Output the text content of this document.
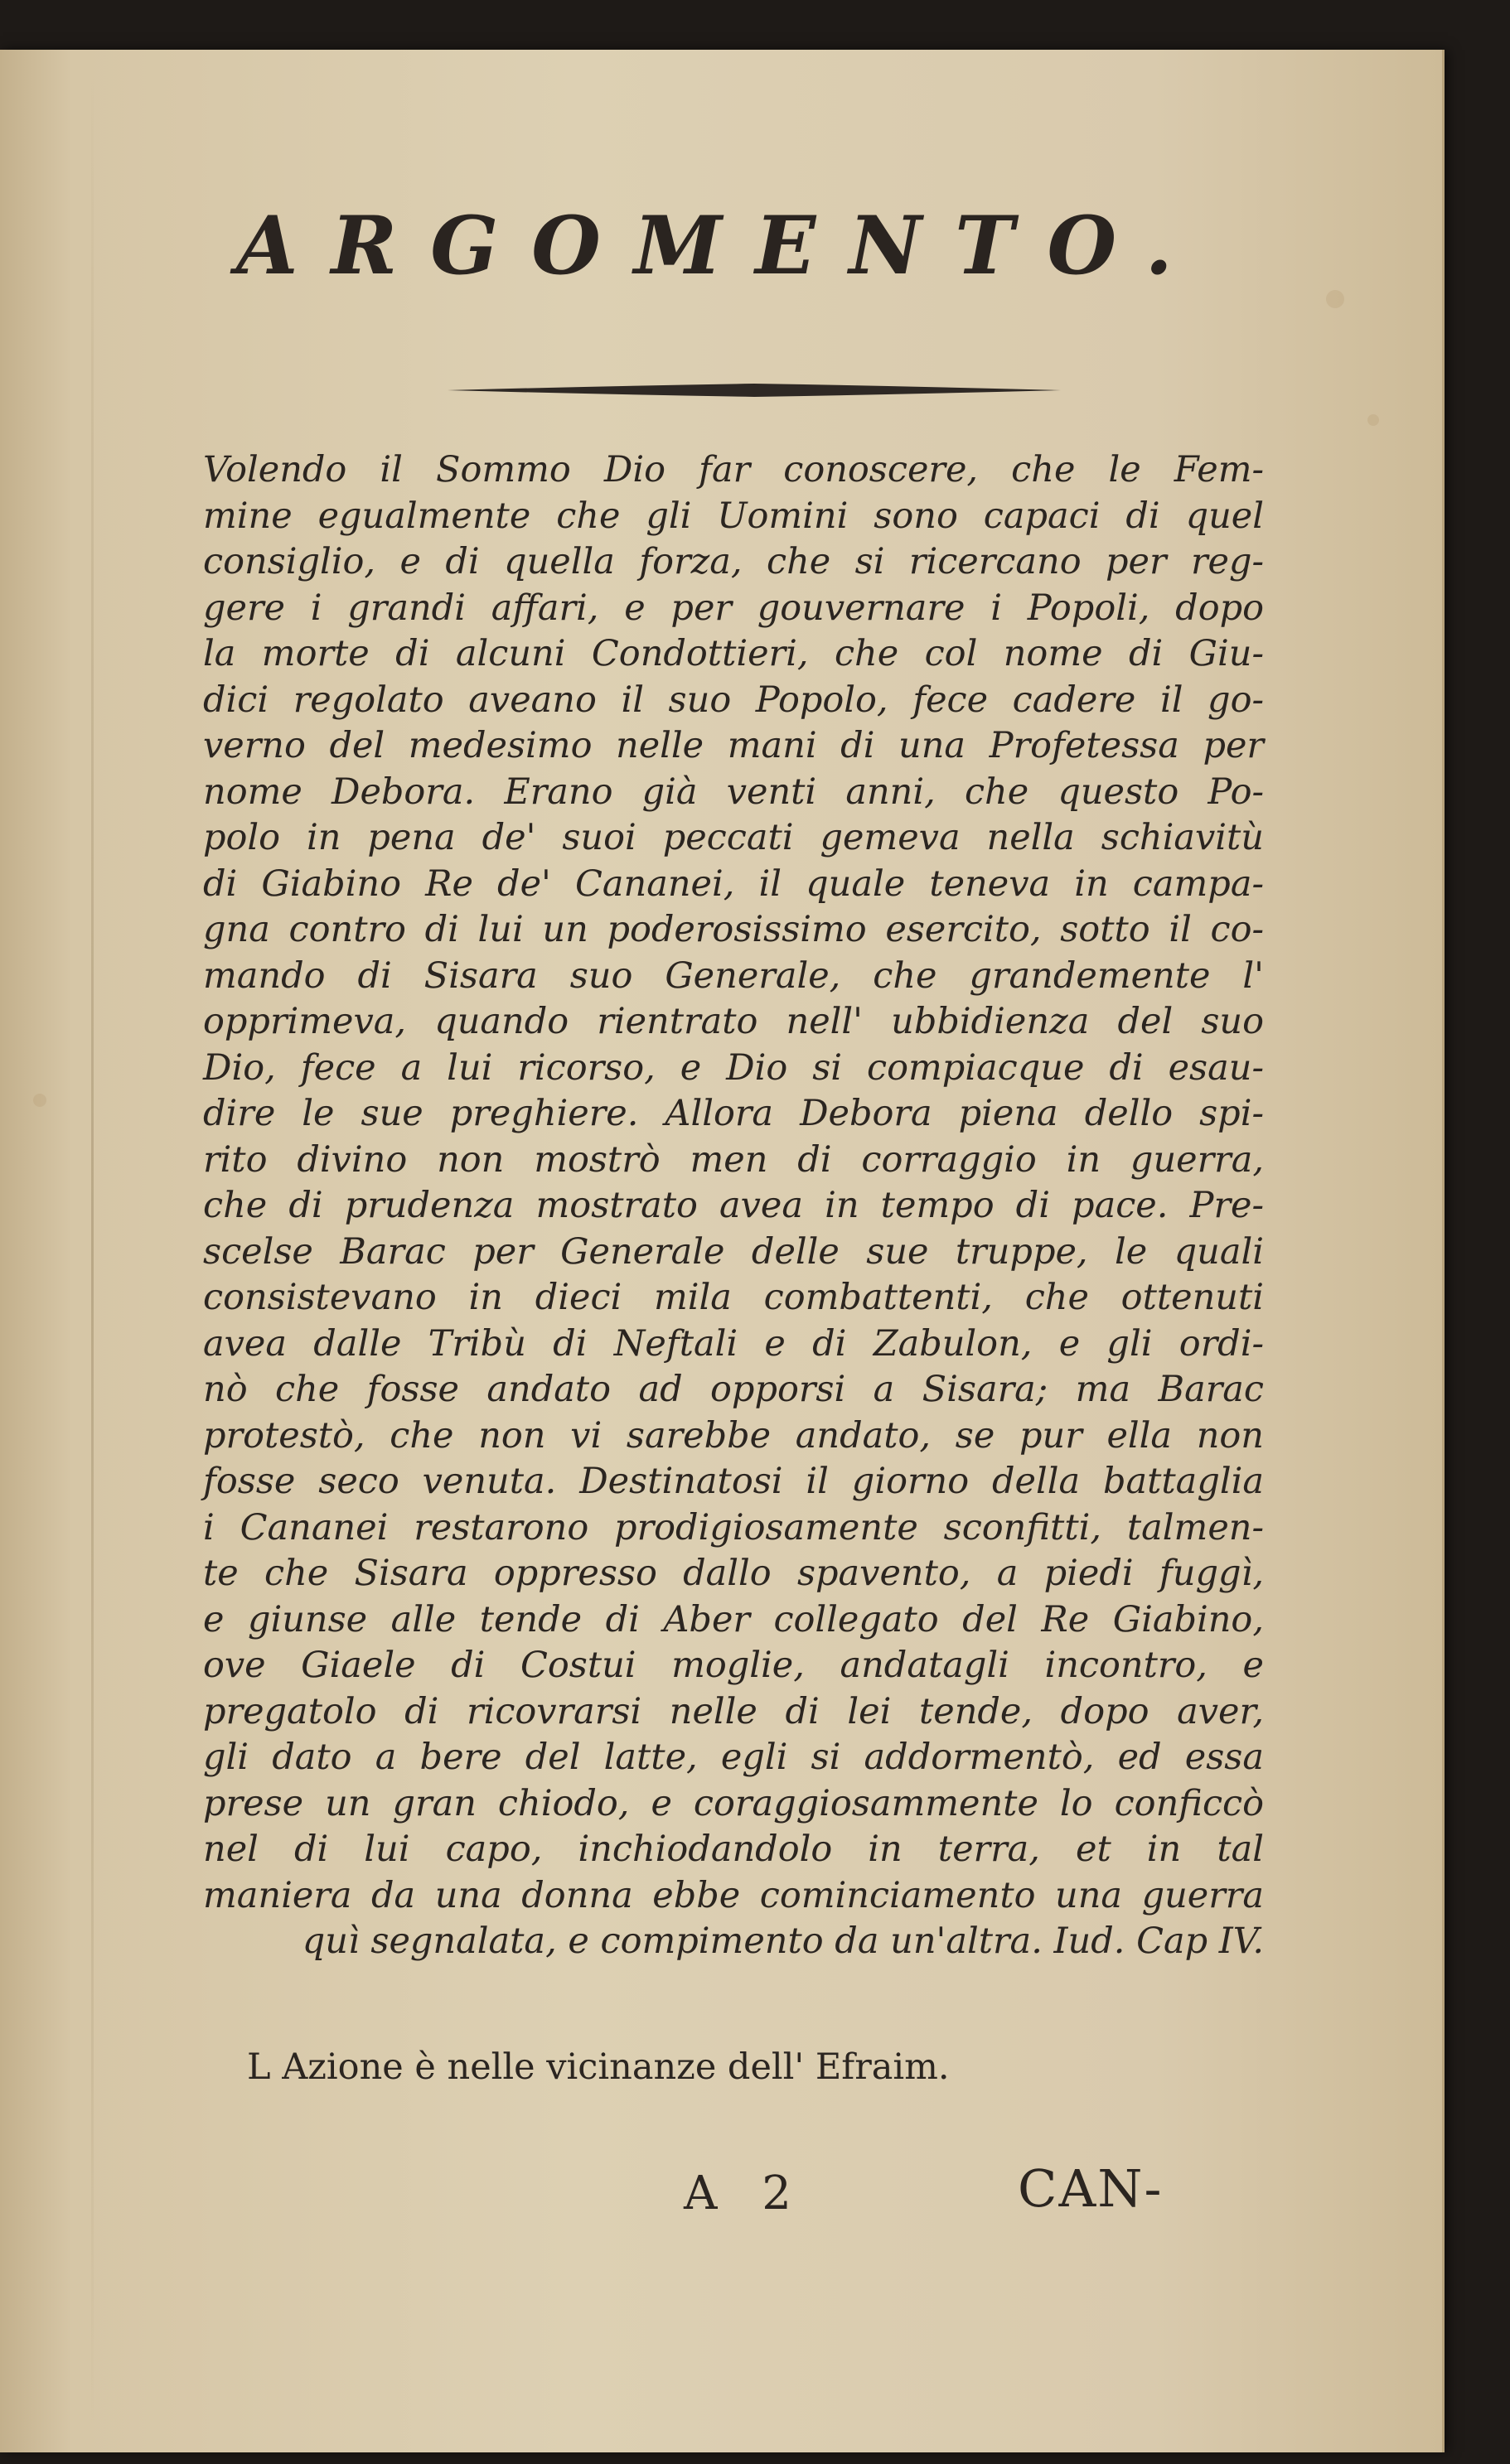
ARGOMENTO.
Volendo il Sommo Dio far conoscere, che le Fem-
mine egualmente che gli Uomini sono capaci di quel
consiglio, e di quella forza, che si ricercano per reg-
gere i grandi affari, e per gouvernare i Popoli, dopo
la morte di alcuni Condottieri, che col nome di Giu-
dici regolato aveano il suo Popolo, fece cadere il go-
verno del medesimo nelle mani di una Profetessa per
nome Debora. Erano già venti anni, che questo Po-
polo in pena de' suoi peccati gemeva nella schiavitù
di Giabino Re de' Cananei, il quale teneva in campa-
gna contro di lui un poderosissimo esercito, sotto il co-
mando di Sisara suo Generale, che grandemente l'
opprimeva, quando rientrato nell' ubbidienza del suo
Dio, fece a lui ricorso, e Dio si compiacque di esau-
dire le sue preghiere. Allora Debora piena dello spi-
rito divino non mostrò men di corraggio in guerra,
che di prudenza mostrato avea in tempo di pace. Pre-
scelse Barac per Generale delle sue truppe, le quali
consistevano in dieci mila combattenti, che ottenuti
avea dalle Tribù di Neftali e di Zabulon, e gli ordi-
nò che fosse andato ad opporsi a Sisara; ma Barac
protestò, che non vi sarebbe andato, se pur ella non
fosse seco venuta. Destinatosi il giorno della battaglia
i Cananei restarono prodigiosamente sconfitti, talmen-
te che Sisara oppresso dallo spavento, a piedi fuggì,
e giunse alle tende di Aber collegato del Re Giabino,
ove Giaele di Costui moglie, andatagli incontro, e
pregatolo di ricovrarsi nelle di lei tende, dopo aver,
gli dato a bere del latte, egli si addormentò, ed essa
prese un gran chiodo, e coraggiosammente lo conficcò
nel di lui capo, inchiodandolo in terra, et in tal
maniera da una donna ebbe cominciamento una guerra
quì segnalata, e compimento da un'altra. Iud. Cap IV.

L Azione è nelle vicinanze dell' Efraim.

A 2	CAN-
